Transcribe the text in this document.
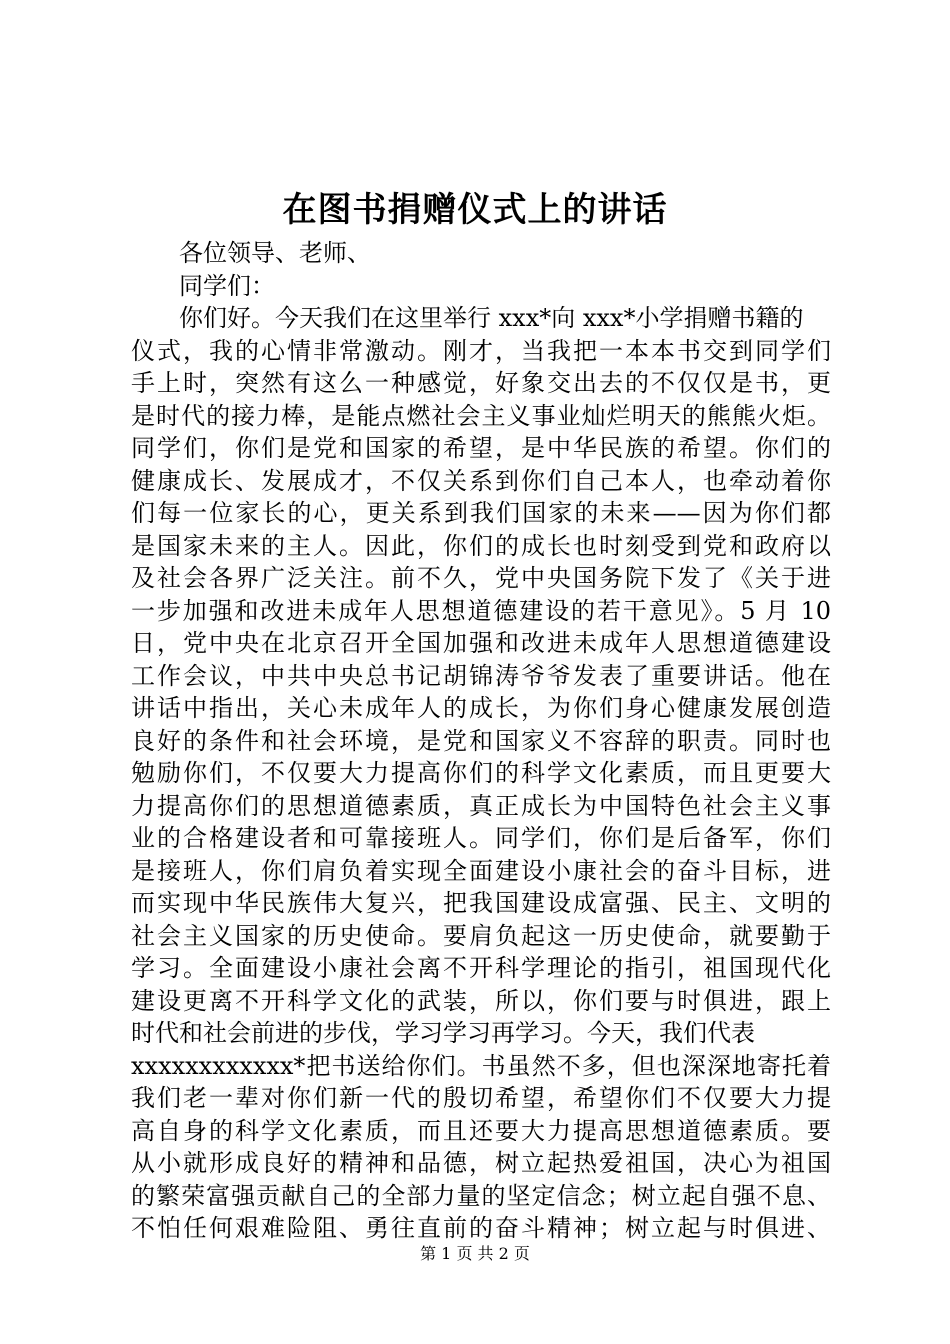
在图书捐赠仪式上的讲话
各位领导、老师、
同学们：
你们好。今天我们在这里举行 xxx*向 xxx*小学捐赠书籍的
仪式，我的心情非常激动。刚才，当我把一本本书交到同学们
手上时，突然有这么一种感觉，好象交出去的不仅仅是书，更
是时代的接力棒，是能点燃社会主义事业灿烂明天的熊熊火炬。
同学们，你们是党和国家的希望，是中华民族的希望。你们的
健康成长、发展成才，不仅关系到你们自己本人，也牵动着你
们每一位家长的心，更关系到我们国家的未来——因为你们都
是国家未来的主人。因此，你们的成长也时刻受到党和政府以
及社会各界广泛关注。前不久，党中央国务院下发了《关于进
一步加强和改进未成年人思想道德建设的若干意见》。5 月 10
日，党中央在北京召开全国加强和改进未成年人思想道德建设
工作会议，中共中央总书记胡锦涛爷爷发表了重要讲话。他在
讲话中指出，关心未成年人的成长，为你们身心健康发展创造
良好的条件和社会环境，是党和国家义不容辞的职责。同时也
勉励你们，不仅要大力提高你们的科学文化素质，而且更要大
力提高你们的思想道德素质，真正成长为中国特色社会主义事
业的合格建设者和可靠接班人。同学们，你们是后备军，你们
是接班人，你们肩负着实现全面建设小康社会的奋斗目标，进
而实现中华民族伟大复兴，把我国建设成富强、民主、文明的
社会主义国家的历史使命。要肩负起这一历史使命，就要勤于
学习。全面建设小康社会离不开科学理论的指引，祖国现代化
建设更离不开科学文化的武装，所以，你们要与时俱进，跟上
时代和社会前进的步伐，学习学习再学习。今天，我们代表
xxxxxxxxxxxx*把书送给你们。书虽然不多，但也深深地寄托着
我们老一辈对你们新一代的殷切希望，希望你们不仅要大力提
高自身的科学文化素质，而且还要大力提高思想道德素质。要
从小就形成良好的精神和品德，树立起热爱祖国，决心为祖国
的繁荣富强贡献自己的全部力量的坚定信念；树立起自强不息、
不怕任何艰难险阻、勇往直前的奋斗精神；树立起与时俱进、
第 1 页 共 2 页
